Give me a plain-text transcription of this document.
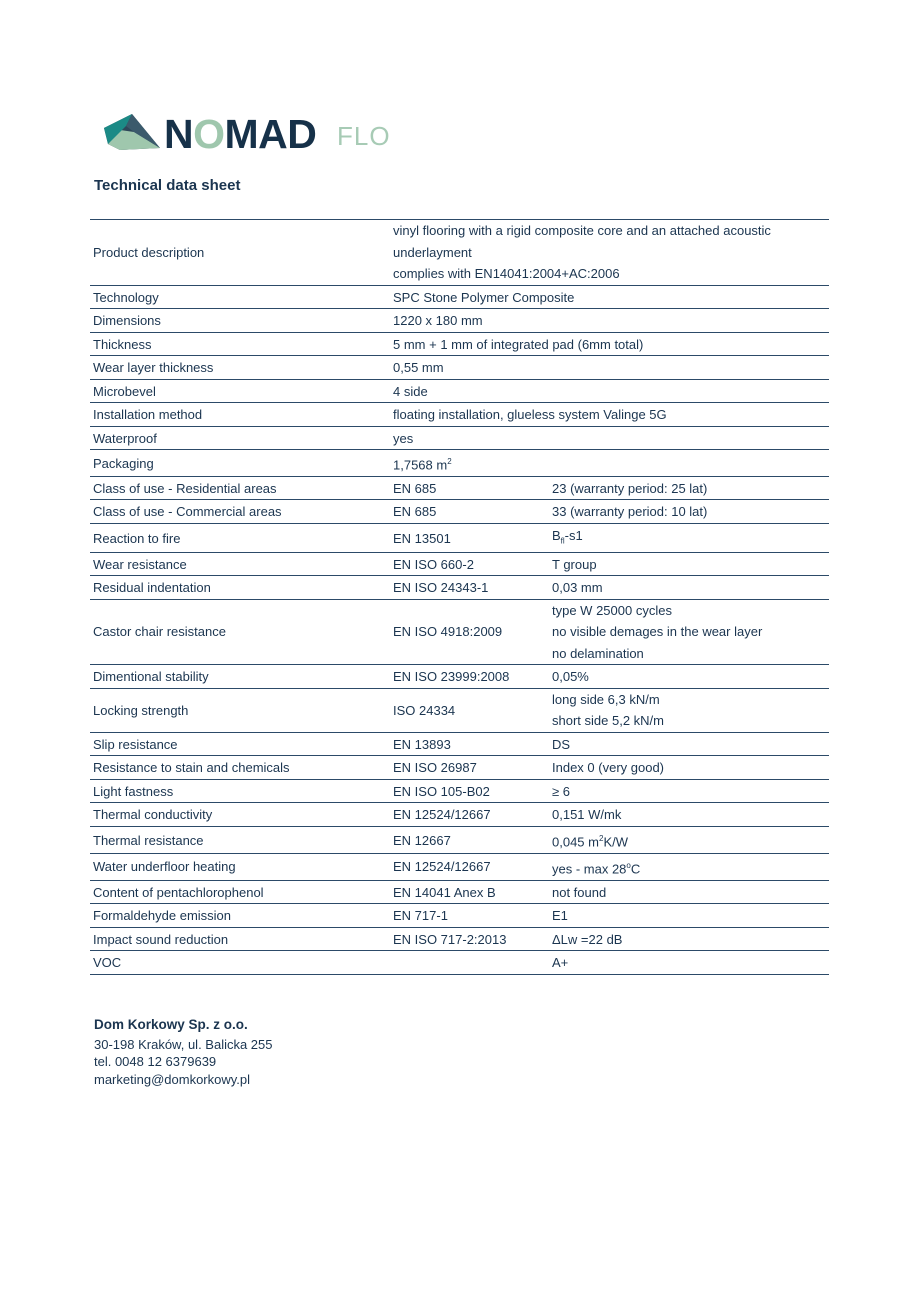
NOMAD FLO
Technical data sheet
Product description	vinyl flooring with a rigid composite core and an attached acoustic
underlayment
complies with EN14041:2004+AC:2006	

Technology	SPC Stone Polymer Composite	
Dimensions	1220 x 180 mm	
Thickness	5 mm + 1 mm of integrated pad (6mm total)	
Wear layer thickness	0,55 mm	
Microbevel	4 side	
Installation method	floating installation, glueless system Valinge 5G	
Waterproof	yes	
Packaging	1,7568 $m^2$
Class of use - Residential areas	EN 685	23 (warranty period: 25 lat)
Class of use - Commercial areas	EN 685	33 (warranty period: 10 lat)
Reaction to fire	EN 13501	$B_{fl}-s1$
Wear resistance	EN ISO 660-2	T group
Residual indentation	EN ISO 24343-1	0,03 mm
Castor chair resistance	EN ISO 4918:2009	type W 25000 cycles
no visible demages in the wear layer
no delamination

Dimentional stability	EN ISO 23999:2008	0,05%
Locking strength	ISO 24334	long side 6,3 kN/m
short side 5,2 kN/m

Slip resistance	EN 13893	DS
Resistance to stain and chemicals	EN ISO 26987	Index 0 (very good)
Light fastness	EN ISO 105-B02	≥ 6
Thermal conductivity	EN 12524/12667	0,151 W/mk
Thermal resistance	EN 12667	0,045 $m^2K/W$
Water underfloor heating	EN 12524/12667	yes - max 28$^o$C
Content of pentachlorophenol	EN 14041 Anex B	not found
Formaldehyde emission	EN 717-1	E1
Impact sound reduction	EN ISO 717-2:2013	ΔLw =22 dB
VOC		A+
Dom Korkowy Sp. z o.o.
30-198 Kraków, ul. Balicka 255
tel. 0048 12 6379639
marketing@domkorkowy.pl
